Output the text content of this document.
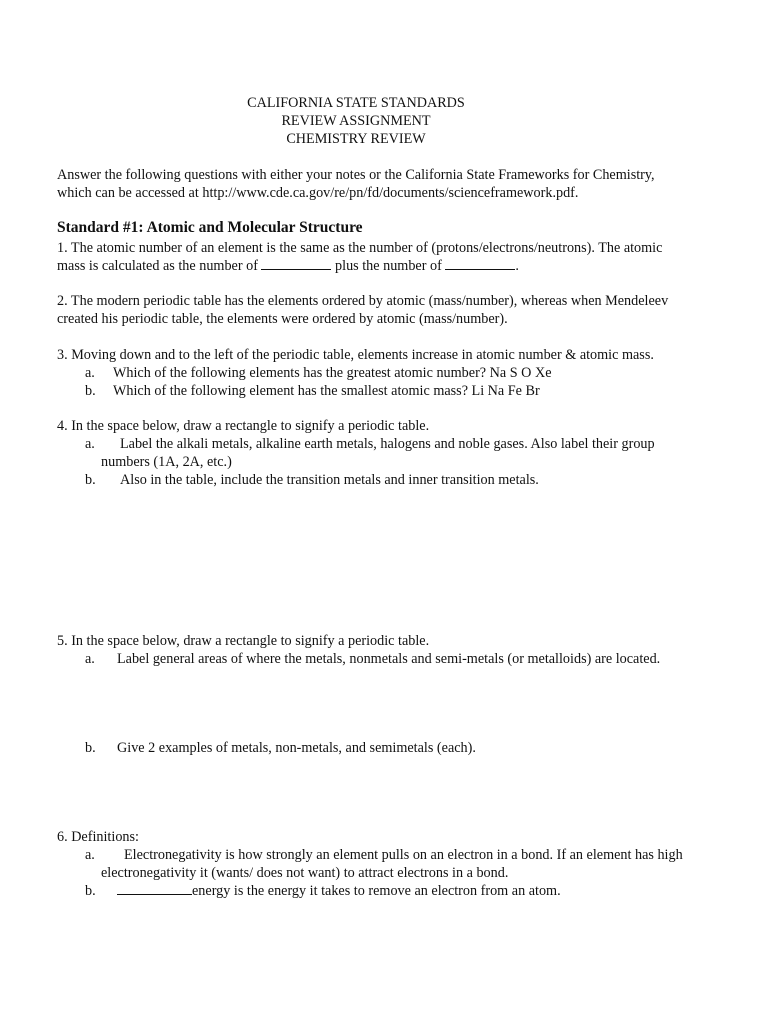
CALIFORNIA STATE STANDARDS
REVIEW ASSIGNMENT
CHEMISTRY REVIEW
Answer the following questions with either your notes or the California State Frameworks for Chemistry,
which can be accessed at http://www.cde.ca.gov/re/pn/fd/documents/scienceframework.pdf.
Standard #1: Atomic and Molecular Structure
1. The atomic number of an element is the same as the number of (protons/electrons/neutrons). The atomic
mass is calculated as the number of	plus the number of	.
2. The modern periodic table has the elements ordered by atomic (mass/number), whereas when Mendeleev
created his periodic table, the elements were ordered by atomic (mass/number).
3. Moving down and to the left of the periodic table, elements increase in atomic number & atomic mass.
a. Which of the following elements has the greatest atomic number? Na S O Xe
b. Which of the following element has the smallest atomic mass? Li Na Fe Br
4. In the space below, draw a rectangle to signify a periodic table.
a. Label the alkali metals, alkaline earth metals, halogens and noble gases. Also label their group
numbers (1A, 2A, etc.)
b. Also in the table, include the transition metals and inner transition metals.
5. In the space below, draw a rectangle to signify a periodic table.
a. Label general areas of where the metals, nonmetals and semi-metals (or metalloids) are located.
b. Give 2 examples of metals, non-metals, and semimetals (each).
6. Definitions:
a. Electronegativity is how strongly an element pulls on an electron in a bond. If an element has high
electronegativity it (wants/ does not want) to attract electrons in a bond.
b.	energy is the energy it takes to remove an electron from an atom.
